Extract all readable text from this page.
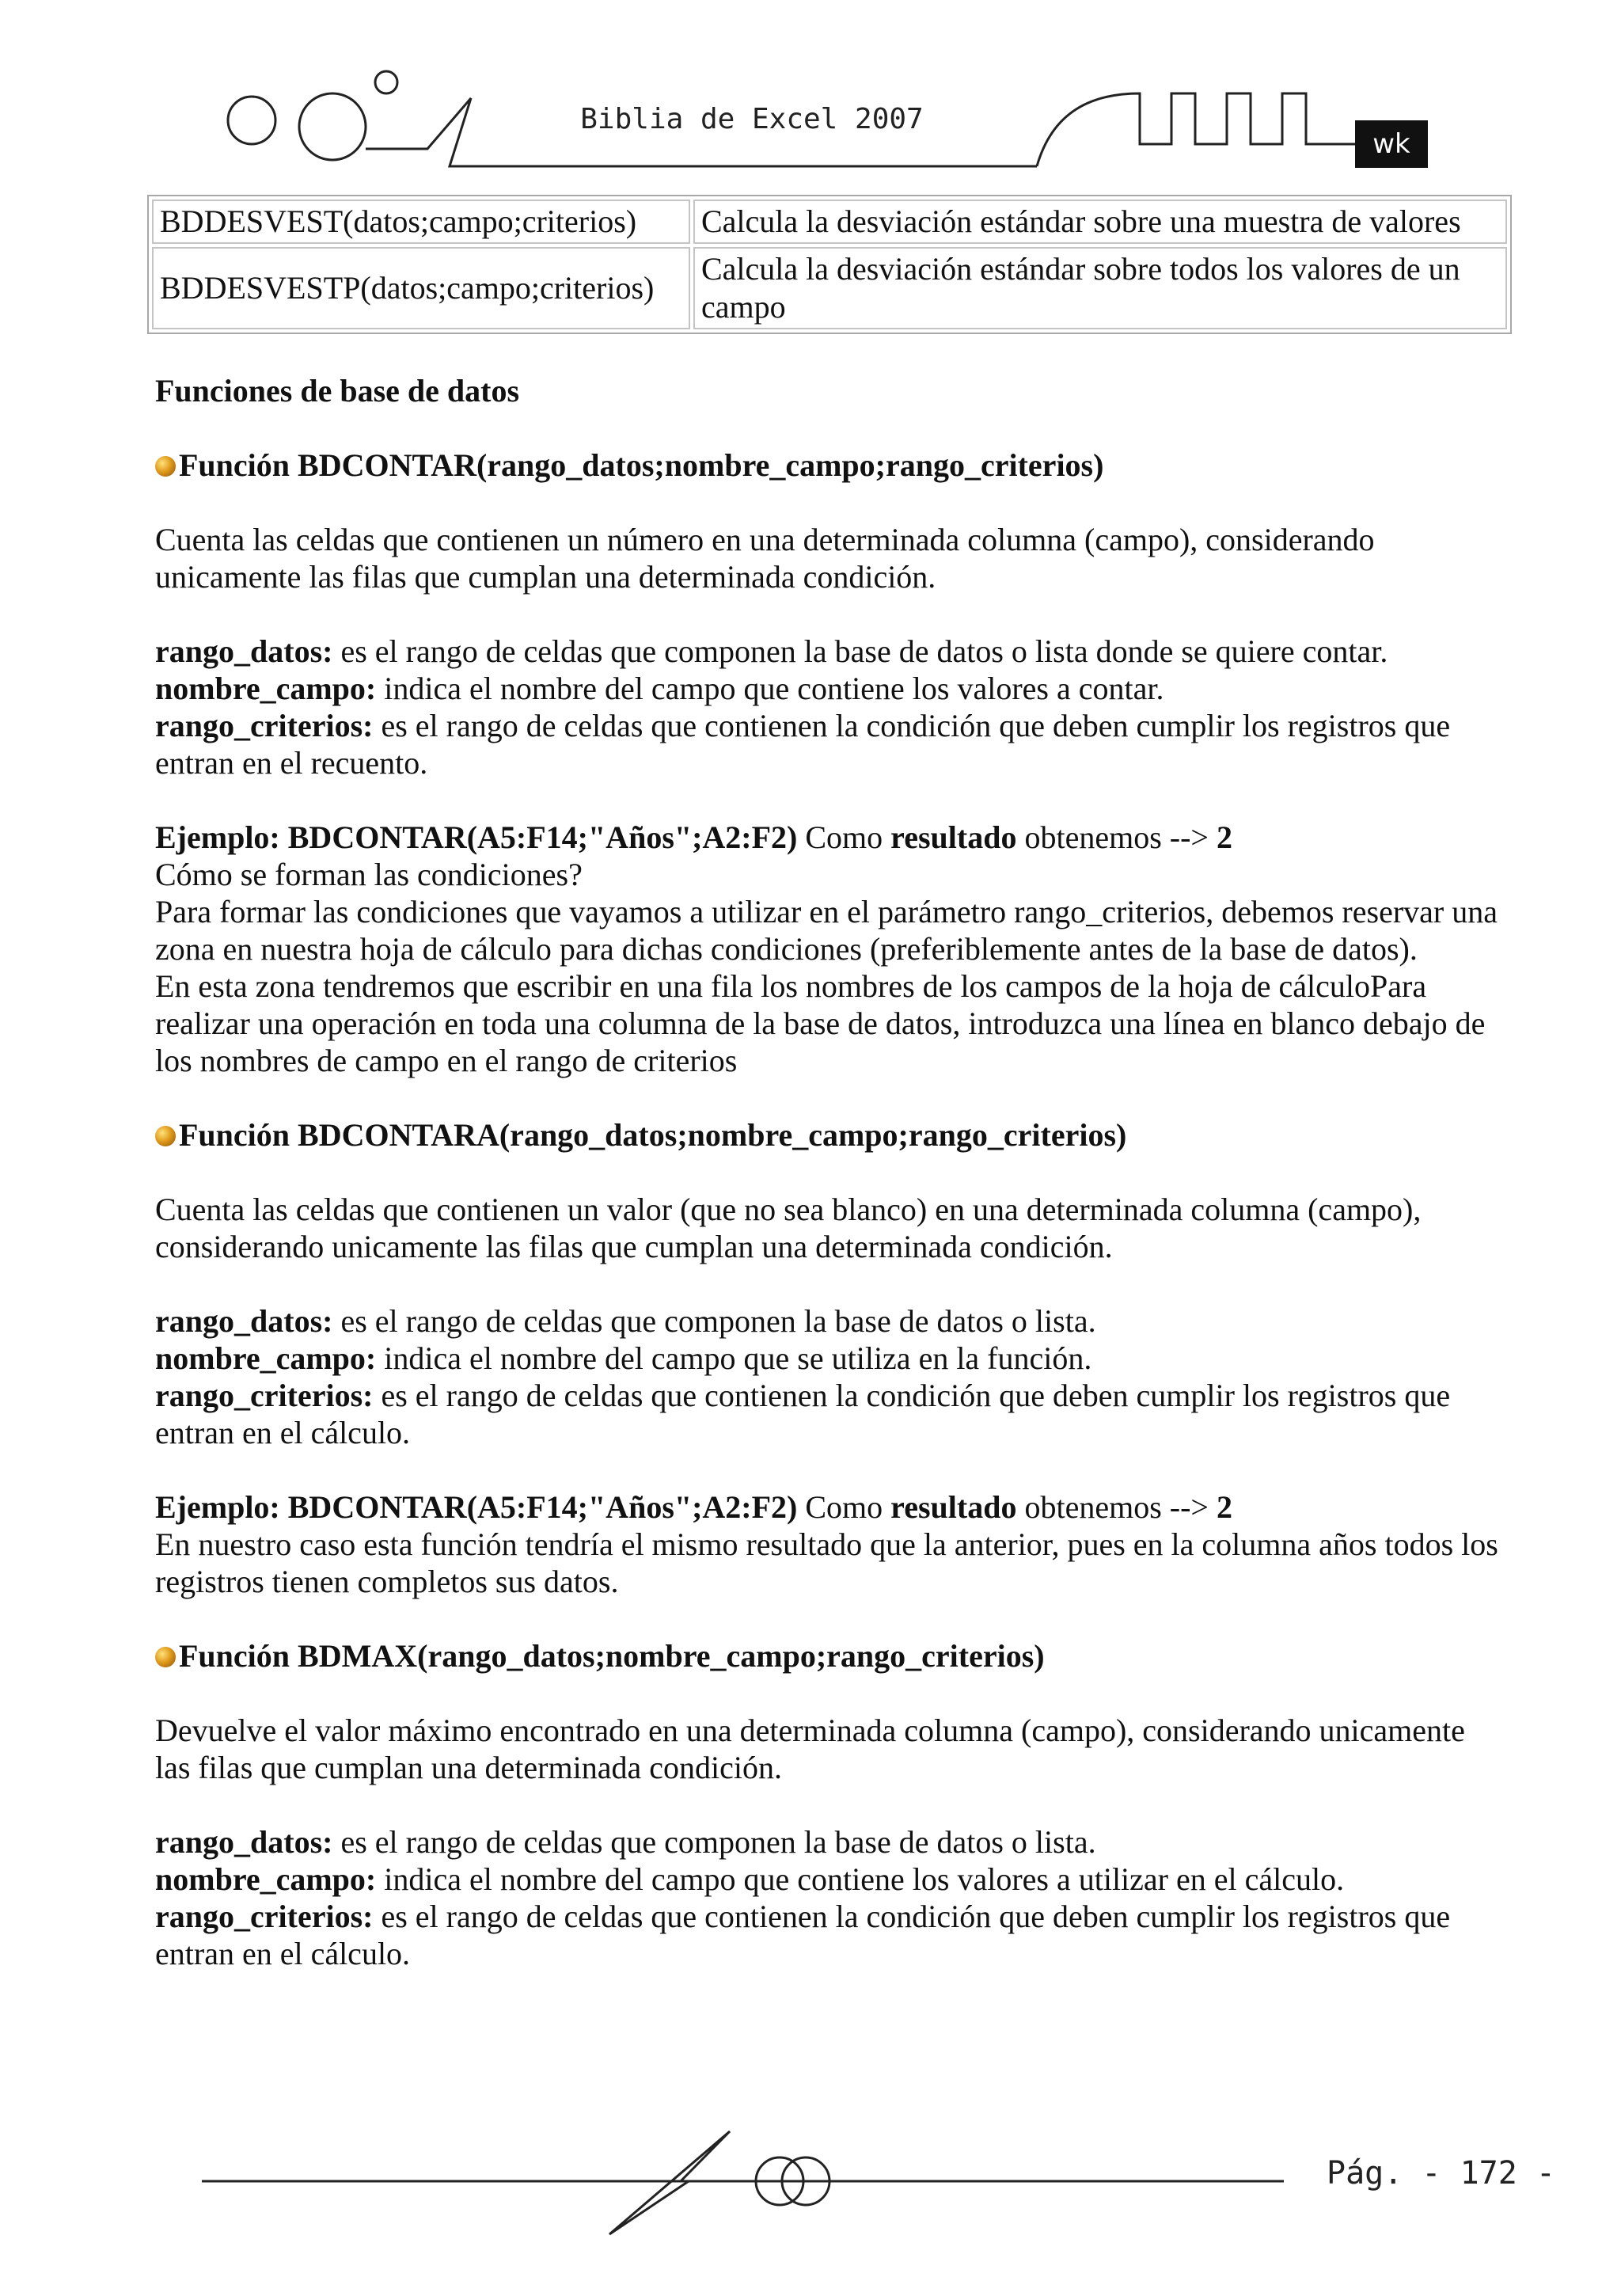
Biblia de Excel 2007
wk
BDDESVEST(datos;campo;criterios)	Calcula la desviación estándar sobre una muestra de valores
BDDESVESTP(datos;campo;criterios)	Calcula la desviación estándar sobre todos los valores de un campo

Funciones de base de datos

Función BDCONTAR(rango_datos;nombre_campo;rango_criterios)

Cuenta las celdas que contienen un número en una determinada columna (campo), considerando unicamente las filas que cumplan una determinada condición.

rango_datos: es el rango de celdas que componen la base de datos o lista donde se quiere contar.

nombre_campo: indica el nombre del campo que contiene los valores a contar.

rango_criterios: es el rango de celdas que contienen la condición que deben cumplir los registros que entran en el recuento.

Ejemplo: BDCONTAR(A5:F14;"Años";A2:F2) Como resultado obtenemos --> 2

Cómo se forman las condiciones?

Para formar las condiciones que vayamos a utilizar en el parámetro rango_criterios, debemos reservar una zona en nuestra hoja de cálculo para dichas condiciones (preferiblemente antes de la base de datos).

En esta zona tendremos que escribir en una fila los nombres de los campos de la hoja de cálculoPara realizar una operación en toda una columna de la base de datos, introduzca una línea en blanco debajo de los nombres de campo en el rango de criterios

Función BDCONTARA(rango_datos;nombre_campo;rango_criterios)

Cuenta las celdas que contienen un valor (que no sea blanco) en una determinada columna (campo), considerando unicamente las filas que cumplan una determinada condición.

rango_datos: es el rango de celdas que componen la base de datos o lista.

nombre_campo: indica el nombre del campo que se utiliza en la función.

rango_criterios: es el rango de celdas que contienen la condición que deben cumplir los registros que entran en el cálculo.

Ejemplo: BDCONTAR(A5:F14;"Años";A2:F2) Como resultado obtenemos --> 2

En nuestro caso esta función tendría el mismo resultado que la anterior, pues en la columna años todos los registros tienen completos sus datos.

Función BDMAX(rango_datos;nombre_campo;rango_criterios)

Devuelve el valor máximo encontrado en una determinada columna (campo), considerando unicamente las filas que cumplan una determinada condición.

rango_datos: es el rango de celdas que componen la base de datos o lista.

nombre_campo: indica el nombre del campo que contiene los valores a utilizar en el cálculo.

rango_criterios: es el rango de celdas que contienen la condición que deben cumplir los registros que entran en el cálculo.

Pág. - 172 -
